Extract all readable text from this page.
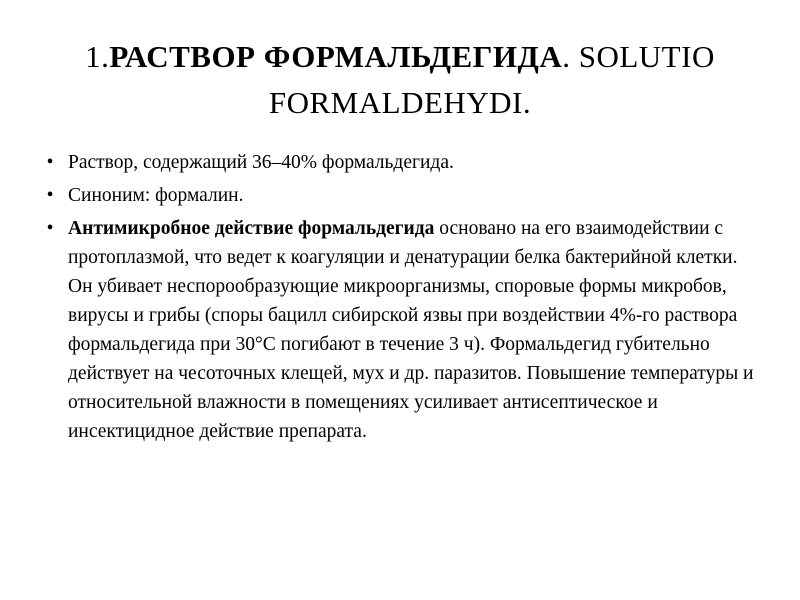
1.РАСТВОР ФОРМАЛЬДЕГИДА. SOLUTIO
FORMALDEHYDI.
• Раствор, содержащий 36–40% формальдегида.
• Синоним: формалин.
• Антимикробное действие формальдегида основано на его взаимодействии с протоплазмой, что ведет к коагуляции и денатурации белка бактерийной клетки. Он убивает неспорообразующие микроорганизмы, споровые формы микробов, вирусы и грибы (споры бацилл сибирской язвы при воздействии 4%-го раствора формальдегида при 30°С погибают в течение 3 ч). Формальдегид губительно действует на чесоточных клещей, мух и др. паразитов. Повышение температуры и относительной влажности в помещениях усиливает антисептическое и инсектицидное действие препарата.
